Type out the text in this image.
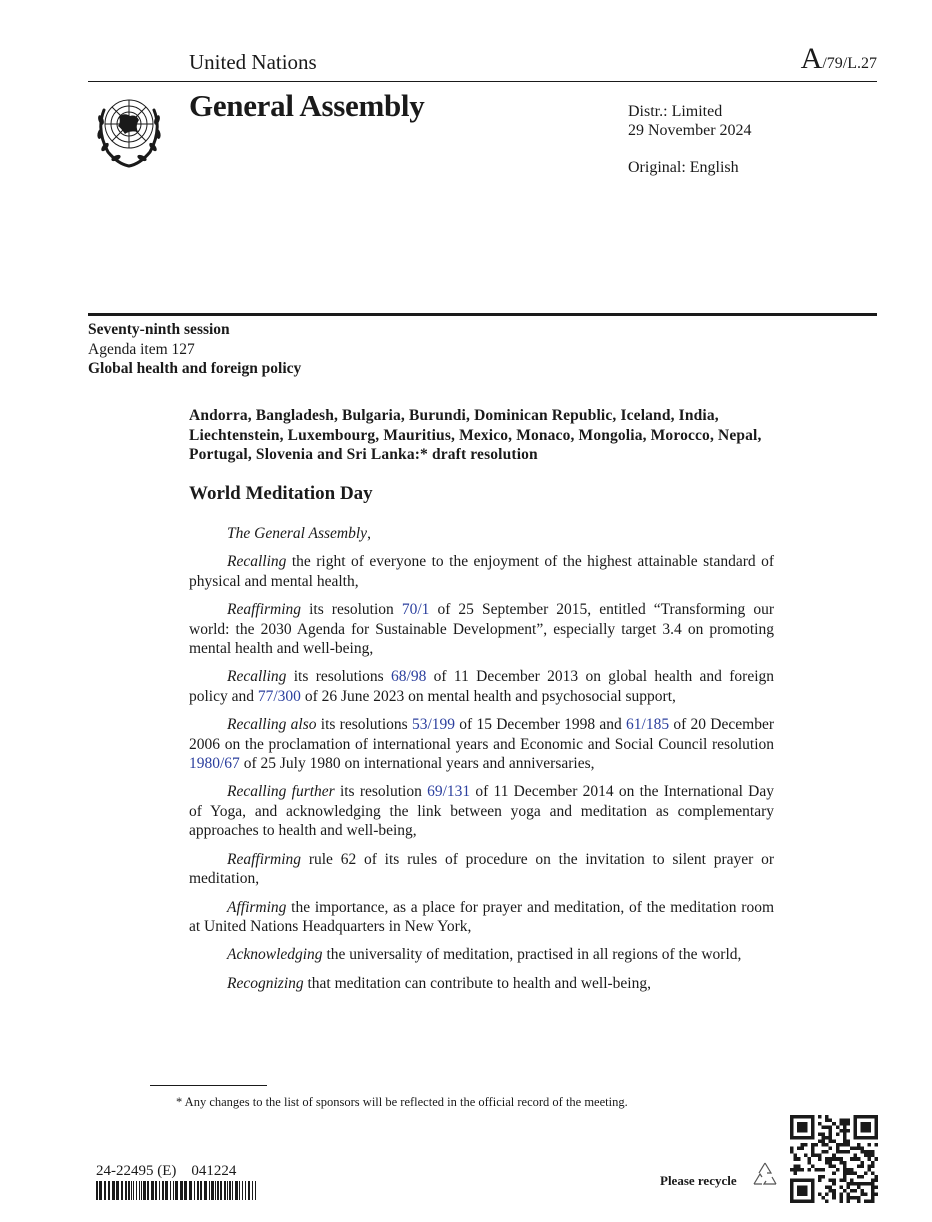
United Nations	A/79/L.27
General Assembly	Distr.: Limited
29 November 2024
Original: English
Seventy-ninth session
Agenda item 127
Global health and foreign policy
Andorra, Bangladesh, Bulgaria, Burundi, Dominican Republic, Iceland, India, Liechtenstein, Luxembourg, Mauritius, Mexico, Monaco, Mongolia, Morocco, Nepal, Portugal, Slovenia and Sri Lanka:* draft resolution
World Meditation Day

The General Assembly,

Recalling the right of everyone to the enjoyment of the highest attainable standard of physical and mental health,

Reaffirming its resolution 70/1 of 25 September 2015, entitled “Transforming our world: the 2030 Agenda for Sustainable Development”, especially target 3.4 on promoting mental health and well-being,

Recalling its resolutions 68/98 of 11 December 2013 on global health and foreign policy and 77/300 of 26 June 2023 on mental health and psychosocial support,

Recalling also its resolutions 53/199 of 15 December 1998 and 61/185 of 20 December 2006 on the proclamation of international years and Economic and Social Council resolution 1980/67 of 25 July 1980 on international years and anniversaries,

Recalling further its resolution 69/131 of 11 December 2014 on the International Day of Yoga, and acknowledging the link between yoga and meditation as complementary approaches to health and well-being,

Reaffirming rule 62 of its rules of procedure on the invitation to silent prayer or meditation,

Affirming the importance, as a place for prayer and meditation, of the meditation room at United Nations Headquarters in New York,

Acknowledging the universality of meditation, practised in all regions of the world,

Recognizing that meditation can contribute to health and well-being,

* Any changes to the list of sponsors will be reflected in the official record of the meeting.
24-22495 (E)    041224
Please recycle
